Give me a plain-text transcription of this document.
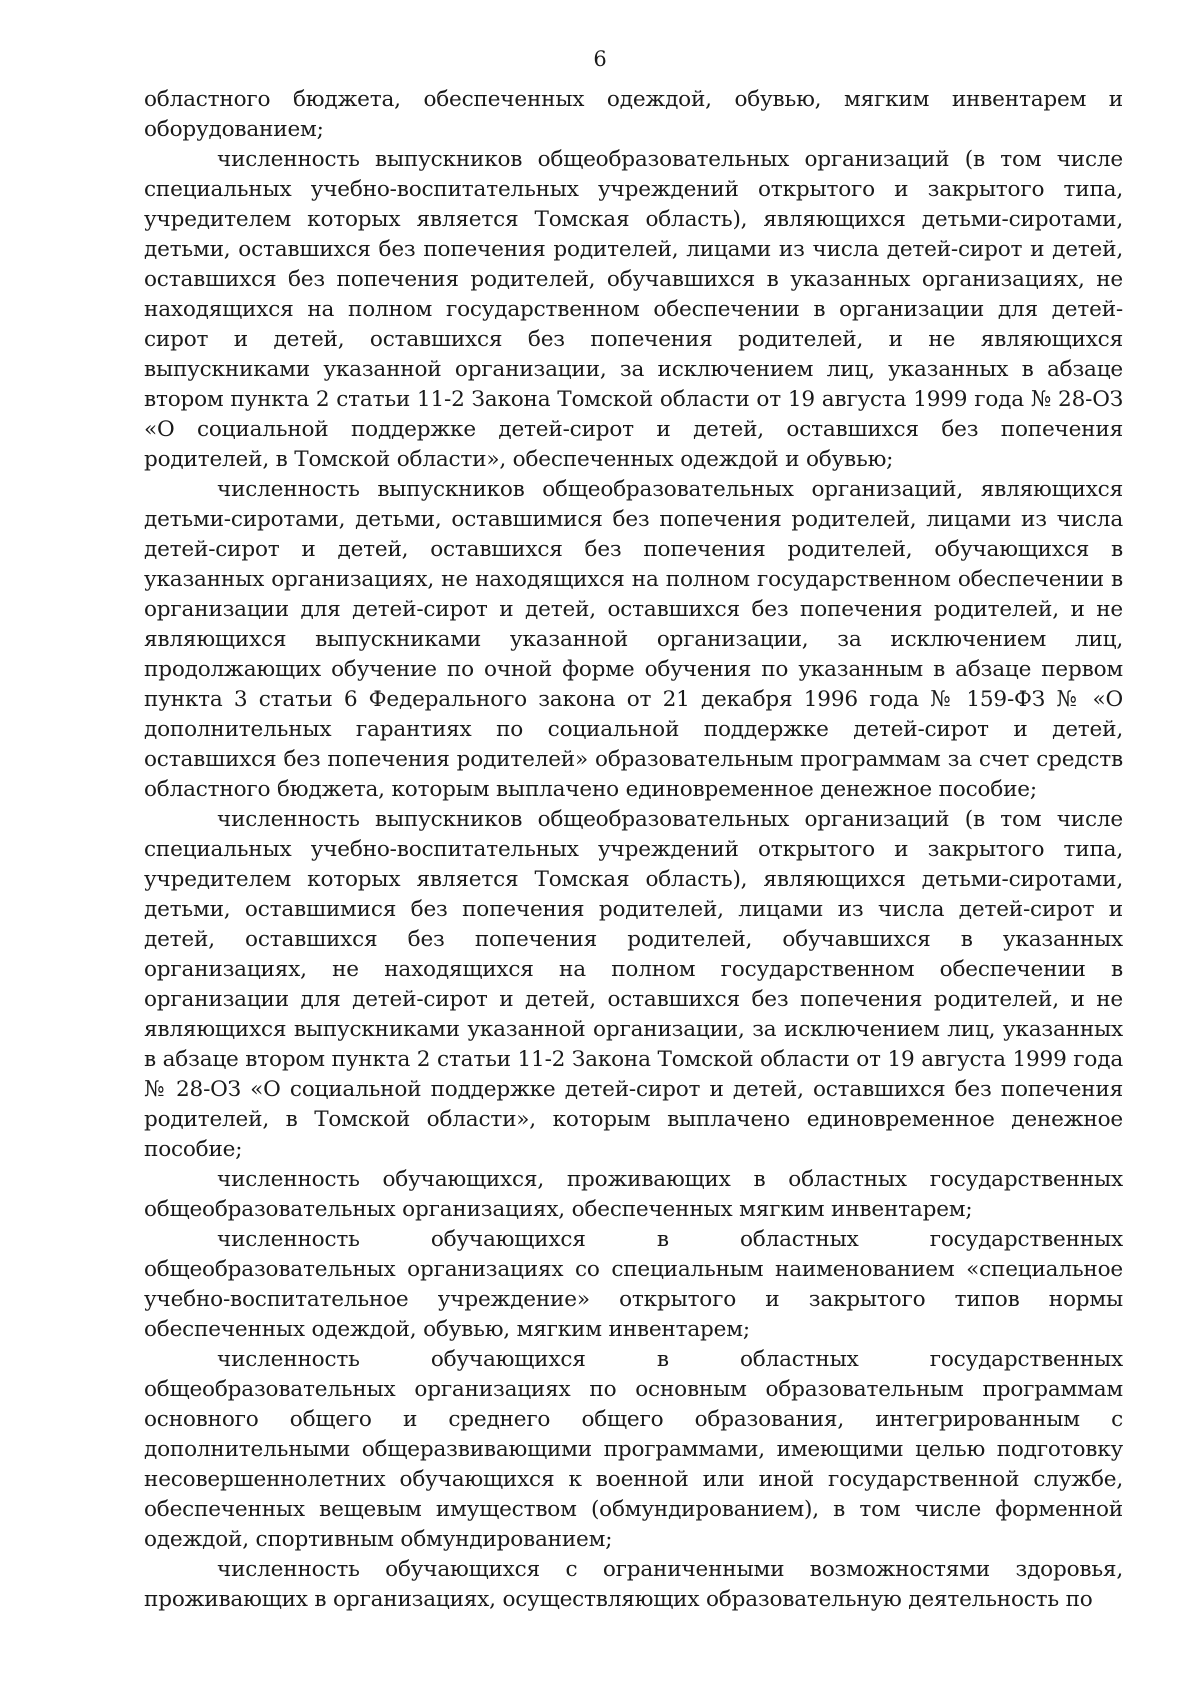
6

областного бюджета, обеспеченных одеждой, обувью, мягким инвентарем и оборудованием;

численность выпускников общеобразовательных организаций (в том числе специальных учебно-воспитательных учреждений открытого и закрытого типа, учредителем которых является Томская область), являющихся детьми-сиротами, детьми, оставшихся без попечения родителей, лицами из числа детей-сирот и детей, оставшихся без попечения родителей, обучавшихся в указанных организациях, не находящихся на полном государственном обеспечении в организации для детей-сирот и детей, оставшихся без попечения родителей, и не являющихся выпускниками указанной организации, за исключением лиц, указанных в абзаце втором пункта 2 статьи 11-2 Закона Томской области от 19 августа 1999 года № 28-ОЗ «О социальной поддержке детей-сирот и детей, оставшихся без попечения родителей, в Томской области», обеспеченных одеждой и обувью;

численность выпускников общеобразовательных организаций, являющихся детьми-сиротами, детьми, оставшимися без попечения родителей, лицами из числа детей-сирот и детей, оставшихся без попечения родителей, обучающихся в указанных организациях, не находящихся на полном государственном обеспечении в организации для детей-сирот и детей, оставшихся без попечения родителей, и не являющихся выпускниками указанной организации, за исключением лиц, продолжающих обучение по очной форме обучения по указанным в абзаце первом пункта 3 статьи 6 Федерального закона от 21 декабря 1996 года № 159-ФЗ № «О дополнительных гарантиях по социальной поддержке детей-сирот и детей, оставшихся без попечения родителей» образовательным программам за счет средств областного бюджета, которым выплачено единовременное денежное пособие;

численность выпускников общеобразовательных организаций (в том числе специальных учебно-воспитательных учреждений открытого и закрытого типа, учредителем которых является Томская область), являющихся детьми-сиротами, детьми, оставшимися без попечения родителей, лицами из числа детей-сирот и детей, оставшихся без попечения родителей, обучавшихся в указанных организациях, не находящихся на полном государственном обеспечении в организации для детей-сирот и детей, оставшихся без попечения родителей, и не являющихся выпускниками указанной организации, за исключением лиц, указанных в абзаце втором пункта 2 статьи 11-2 Закона Томской области от 19 августа 1999 года № 28-ОЗ «О социальной поддержке детей-сирот и детей, оставшихся без попечения родителей, в Томской области», которым выплачено единовременное денежное пособие;

численность обучающихся, проживающих в областных государственных общеобразовательных организациях, обеспеченных мягким инвентарем;

численность обучающихся в областных государственных общеобразовательных организациях со специальным наименованием «специальное учебно-воспитательное учреждение» открытого и закрытого типов нормы обеспеченных одеждой, обувью, мягким инвентарем;

численность обучающихся в областных государственных общеобразовательных организациях по основным образовательным программам основного общего и среднего общего образования, интегрированным с дополнительными общеразвивающими программами, имеющими целью подготовку несовершеннолетних обучающихся к военной или иной государственной службе, обеспеченных вещевым имуществом (обмундированием), в том числе форменной одеждой, спортивным обмундированием;

численность обучающихся с ограниченными возможностями здоровья, проживающих в организациях, осуществляющих образовательную деятельность по
